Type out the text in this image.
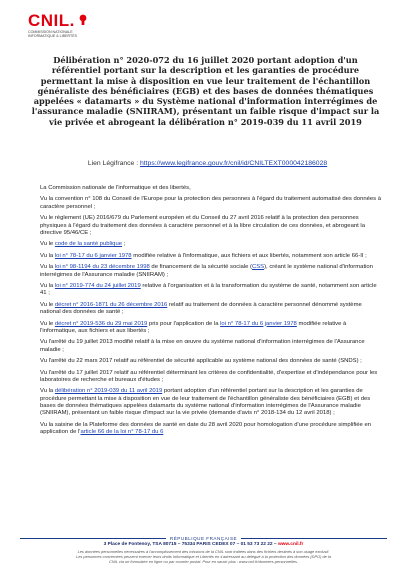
CNIL.
COMMISSION NATIONALE
INFORMATIQUE & LIBERTÉS
Délibération n° 2020-072 du 16 juillet 2020 portant adoption d'un référentiel portant sur la description et les garanties de procédure permettant la mise à disposition en vue leur traitement de l'échantillon généraliste des bénéficiaires (EGB) et des bases de données thématiques appelées « datamarts » du Système national d'information interrégimes de l'assurance maladie (SNIIRAM), présentant un faible risque d'impact sur la vie privée et abrogeant la délibération n° 2019-039 du 11 avril 2019
Lien Légifrance : https://www.legifrance.gouv.fr/cnil/id/CNILTEXT000042186028

La Commission nationale de l'informatique et des libertés,

Vu la convention n° 108 du Conseil de l'Europe pour la protection des personnes à l'égard du traitement automatisé des données à caractère personnel ;

Vu le règlement (UE) 2016/679 du Parlement européen et du Conseil du 27 avril 2016 relatif à la protection des personnes physiques à l'égard du traitement des données à caractère personnel et à la libre circulation de ces données, et abrogeant la directive 95/46/CE ;

Vu le code de la santé publique ;

Vu la loi n° 78-17 du 6 janvier 1978 modifiée relative à l'informatique, aux fichiers et aux libertés, notamment son article 66-II ;

Vu la loi n° 98-1194 du 23 décembre 1998 de financement de la sécurité sociale (CSS), créant le système national d'information interrégimes de l'Assurance maladie (SNIIRAM) ;

Vu la loi n° 2019-774 du 24 juillet 2019 relative à l'organisation et à la transformation du système de santé, notamment son article 41 ;

Vu le décret n° 2016-1871 du 26 décembre 2016 relatif au traitement de données à caractère personnel dénommé système national des données de santé ;

Vu le décret n° 2019-536 du 29 mai 2019 pris pour l'application de la loi n° 78-17 du 6 janvier 1978 modifiée relative à l'informatique, aux fichiers et aux libertés ;

Vu l'arrêté du 19 juillet 2013 modifié relatif à la mise en œuvre du système national d'information interrégimes de l'Assurance maladie ;

Vu l'arrêté du 22 mars 2017 relatif au référentiel de sécurité applicable au système national des données de santé (SNDS) ;

Vu l'arrêté du 17 juillet 2017 relatif au référentiel déterminant les critères de confidentialité, d'expertise et d'indépendance pour les laboratoires de recherche et bureaux d'études ;

Vu la délibération n° 2019-039 du 11 avril 2019 portant adoption d'un référentiel portant sur la description et les garanties de procédure permettant la mise à disposition en vue de leur traitement de l'échantillon généraliste des bénéficiaires (EGB) et des bases de données thématiques appelées datamarts du système national d'information interrégimes de l'Assurance maladie (SNIIRAM), présentant un faible risque d'impact sur la vie privée (demande d'avis n° 2018-134 du 12 avril 2018) ;

Vu la saisine de la Plateforme des données de santé en date du 28 avril 2020 pour homologation d'une procédure simplifiée en application de l'article 66 de la loi n° 78-17 du 6

RÉPUBLIQUE FRANÇAISE
3 Place de Fontenoy, TSA 80715 – 75334 PARIS CEDEX 07 – 01 53 73 22 22 – www.cnil.fr
Les données personnelles nécessaires à l'accomplissement des missions de la CNIL sont traitées dans des fichiers destinés à son usage exclusif.
Les personnes concernées peuvent exercer leurs droits Informatique et Libertés en s'adressant au délégué à la protection des données (DPO) de la
CNIL via un formulaire en ligne ou par courrier postal. Pour en savoir plus : www.cnil.fr/donnees-personnelles.
